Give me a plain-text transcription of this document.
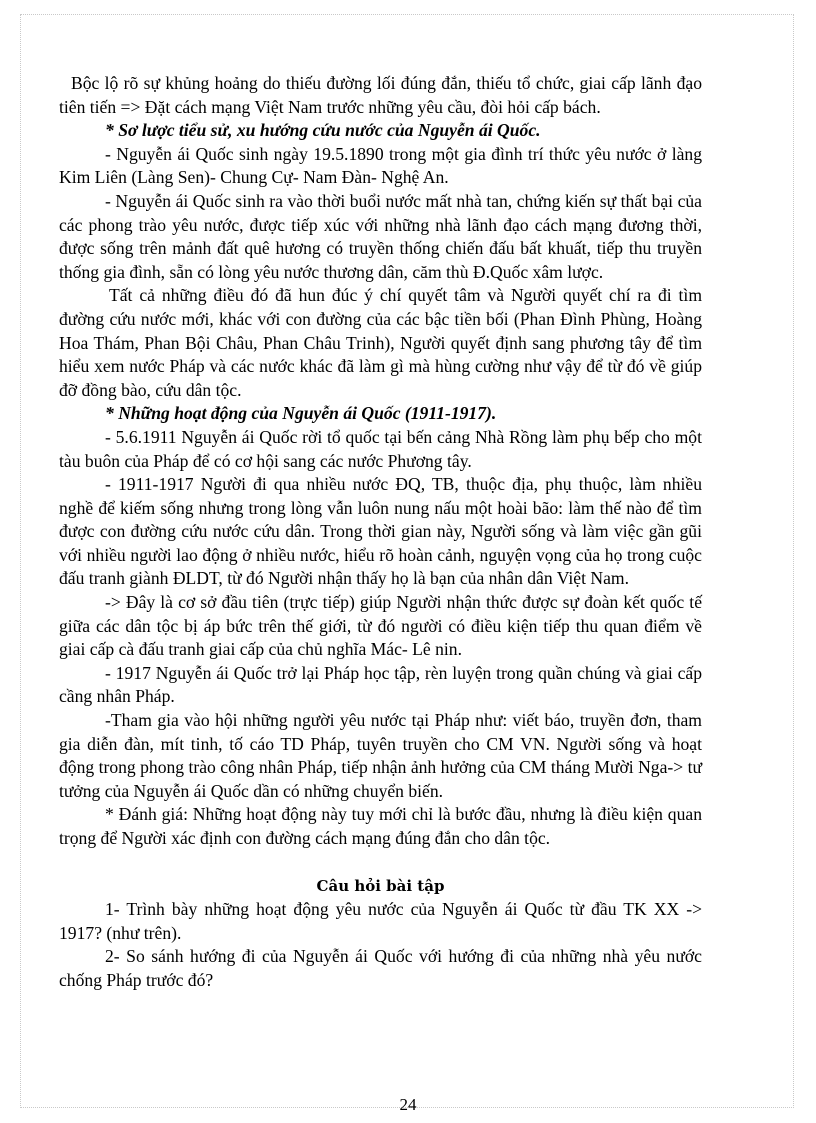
Bộc lộ rõ sự khủng hoảng do thiếu đường lối đúng đắn, thiếu tổ chức, giai cấp lãnh đạo tiên tiến => Đặt cách mạng Việt Nam trước những yêu cầu, đòi hỏi cấp bách.

* Sơ lược tiểu sử, xu hướng cứu nước của Nguyễn ái Quốc.

- Nguyễn ái Quốc sinh ngày 19.5.1890 trong một gia đình trí thức yêu nước ở làng Kim Liên (Làng Sen)- Chung Cự- Nam Đàn- Nghệ An.

- Nguyễn ái Quốc sinh ra vào thời buổi nước mất nhà tan, chứng kiến sự thất bại của các phong trào yêu nước, được tiếp xúc với những nhà lãnh đạo cách mạng đương thời, được sống trên mảnh đất quê hương có truyền thống chiến đấu bất khuất, tiếp thu truyền thống gia đình, sẵn có lòng yêu nước thương dân, căm thù Đ.Quốc xâm lược.

Tất cả những điều đó đã hun đúc ý chí quyết tâm và Người quyết chí ra đi tìm đường cứu nước mới, khác với con đường của các bậc tiền bối (Phan Đình Phùng, Hoàng Hoa Thám, Phan Bội Châu, Phan Châu Trinh), Người quyết định sang phương tây để tìm hiểu xem nước Pháp và các nước khác đã làm gì mà hùng cường như vậy để từ đó về giúp đỡ đồng bào, cứu dân tộc.

* Những hoạt động của Nguyễn ái Quốc (1911-1917).

- 5.6.1911 Nguyễn ái Quốc rời tổ quốc tại bến cảng Nhà Rồng làm phụ bếp cho một tàu buôn của Pháp để có cơ hội sang các nước Phương tây.

- 1911-1917 Người đi qua nhiều nước ĐQ, TB, thuộc địa, phụ thuộc, làm nhiều nghề để kiếm sống nhưng trong lòng vẫn luôn nung nấu một hoài bão: làm thế nào để tìm được con đường cứu nước cứu dân. Trong thời gian này, Người sống và làm việc gần gũi với nhiều người lao động ở nhiều nước, hiểu rõ hoàn cảnh, nguyện vọng của họ trong cuộc đấu tranh giành ĐLDT, từ đó Người nhận thấy họ là bạn của nhân dân Việt Nam.

-> Đây là cơ sở đầu tiên (trực tiếp) giúp Người nhận thức được sự đoàn kết quốc tế giữa các dân tộc bị áp bức trên thế giới, từ đó người có điều kiện tiếp thu quan điểm về giai cấp cà đấu tranh giai cấp của chủ nghĩa Mác- Lê nin.

- 1917 Nguyễn ái Quốc trở lại Pháp học tập, rèn luyện trong quần chúng và giai cấp cầng nhân Pháp.

-Tham gia vào hội những người yêu nước tại Pháp như: viết báo, truyền đơn, tham gia diễn đàn, mít tinh, tố cáo TD Pháp, tuyên truyền cho CM VN. Người sống và hoạt động trong phong trào công nhân Pháp, tiếp nhận ảnh hưởng của CM tháng Mười Nga-> tư tưởng của Nguyễn ái Quốc dần có những chuyển biến.

* Đánh giá: Những hoạt động này tuy mới chỉ là bước đầu, nhưng là điều kiện quan trọng để Người xác định con đường cách mạng đúng đắn cho dân tộc.

Câu hỏi bài tập

1- Trình bày những hoạt động yêu nước của Nguyễn ái Quốc từ đầu TK XX -> 1917? (như trên).

2- So sánh hướng đi của Nguyễn ái Quốc với hướng đi của những nhà yêu nước chống Pháp trước đó?

24
